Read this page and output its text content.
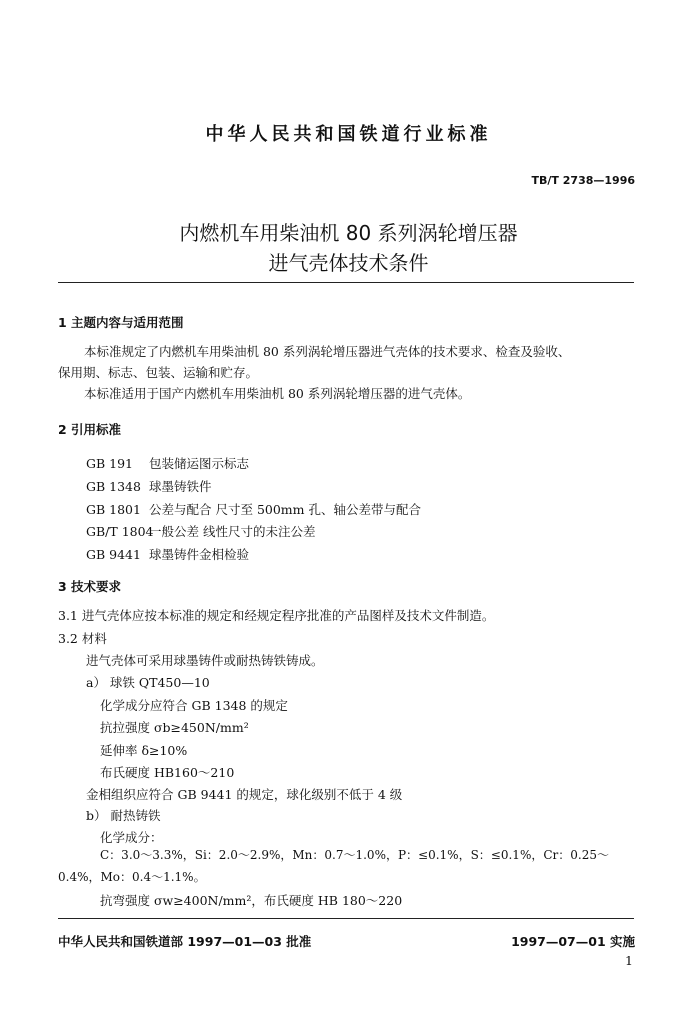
中华人民共和国铁道行业标准
TB/T 2738—1996
内燃机车用柴油机 80 系列涡轮增压器
进气壳体技术条件
1 主题内容与适用范围
本标准规定了内燃机车用柴油机 80 系列涡轮增压器进气壳体的技术要求、检查及验收、
保用期、标志、包装、运输和贮存。
本标准适用于国产内燃机车用柴油机 80 系列涡轮增压器的进气壳体。
2 引用标准
GB 191 包装储运图示标志
GB 1348 球墨铸铁件
GB 1801 公差与配合 尺寸至 500mm 孔、轴公差带与配合
GB/T 1804一般公差 线性尺寸的未注公差
GB 9441 球墨铸件金相检验
3 技术要求
3.1 进气壳体应按本标准的规定和经规定程序批准的产品图样及技术文件制造。
3.2 材料
进气壳体可采用球墨铸件或耐热铸铁铸成。
a） 球铁 QT450—10
化学成分应符合 GB 1348 的规定
抗拉强度 σb≥450N/mm²
延伸率 δ≥10%
布氏硬度 HB160～210
金相组织应符合 GB 9441 的规定，球化级别不低于 4 级
b） 耐热铸铁
化学成分：
C：3.0～3.3%，Si：2.0～2.9%，Mn：0.7～1.0%，P：≤0.1%，S：≤0.1%，Cr：0.25～
0.4%，Mo：0.4～1.1%。
抗弯强度 σw≥400N/mm²，布氏硬度 HB 180～220
中华人民共和国铁道部 1997—01—03 批准	1997—07—01 实施
1
